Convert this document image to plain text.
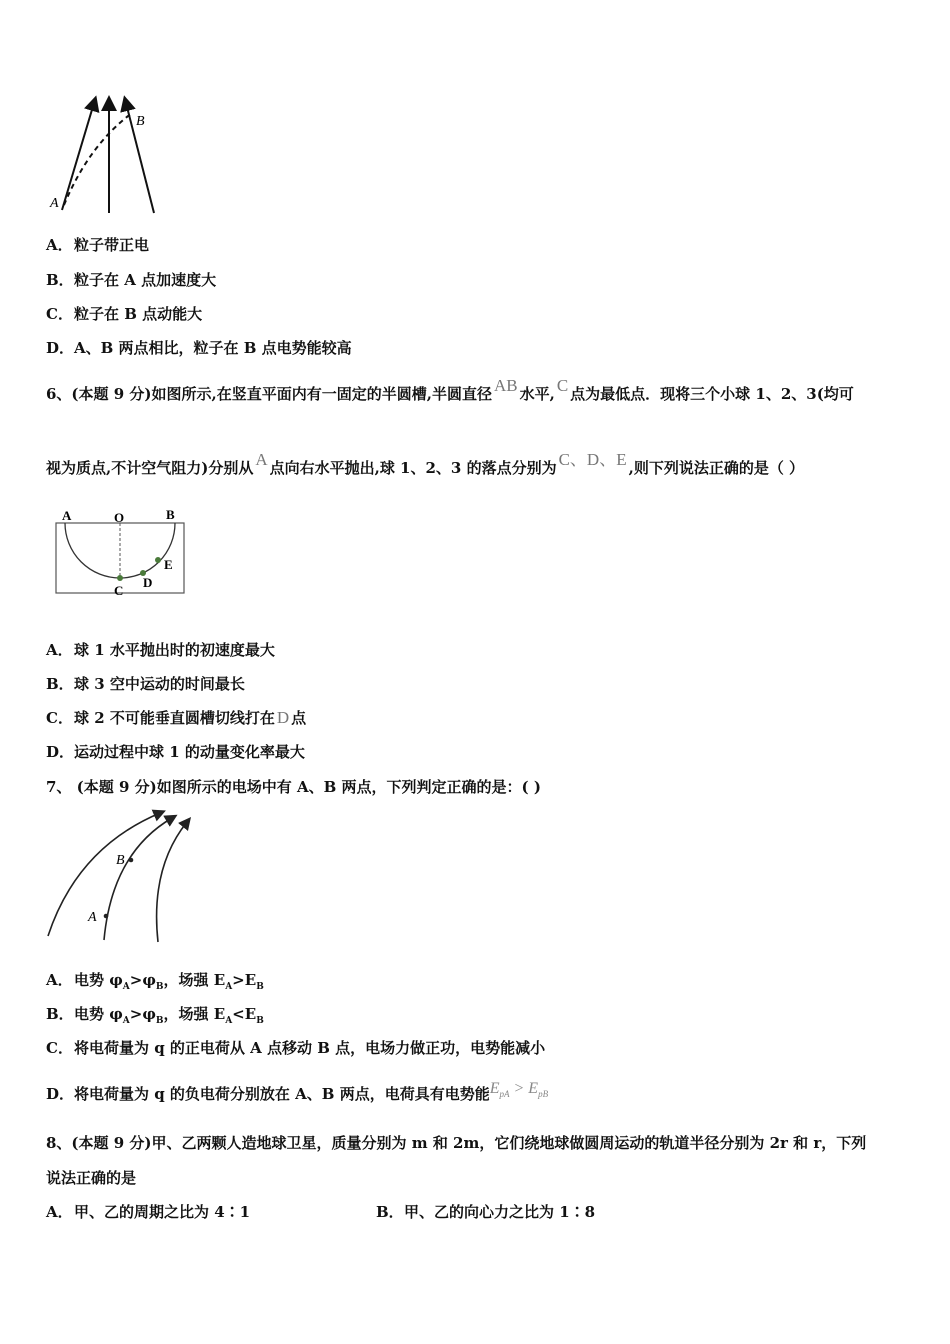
A
B
A．粒子带正电
B．粒子在 A 点加速度大
C．粒子在 B 点动能大
D．A、B 两点相比，粒子在 B 点电势能较高
6、(本题 9 分)如图所示,在竖直平面内有一固定的半圆槽,半圆直径 AB 水平, C 点为最低点．现将三个小球 1、2、3(均可
视为质点,不计空气阻力)分别从 A 点向右水平抛出,球 1、2、3 的落点分别为 C、D、E ,则下列说法正确的是（ ）
A	O	B
C
D
E
A．球 1 水平抛出时的初速度最大
B．球 3 空中运动的时间最长
C．球 2 不可能垂直圆槽切线打在 D 点
D．运动过程中球 1 的动量变化率最大
7、 (本题 9 分)如图所示的电场中有 A、B 两点，下列判定正确的是：( )
A
B
A．电势 $\varphi_A>\varphi_B$，场强 $E_A>E_B$
B．电势 $\varphi_A>\varphi_B$，场强 $E_A<E_B$
C．将电荷量为 q 的正电荷从 A 点移动 B 点，电场力做正功，电势能减小
D．将电荷量为 q 的负电荷分别放在 A、B 两点，电荷具有电势能$E_{pA} > E_{pB}$
8、(本题 9 分)甲、乙两颗人造地球卫星，质量分别为 m 和 2m，它们绕地球做圆周运动的轨道半径分别为 2r 和 r，下列
说法正确的是
A．甲、乙的周期之比为 4∶1	B．甲、乙的向心力之比为 1∶8
